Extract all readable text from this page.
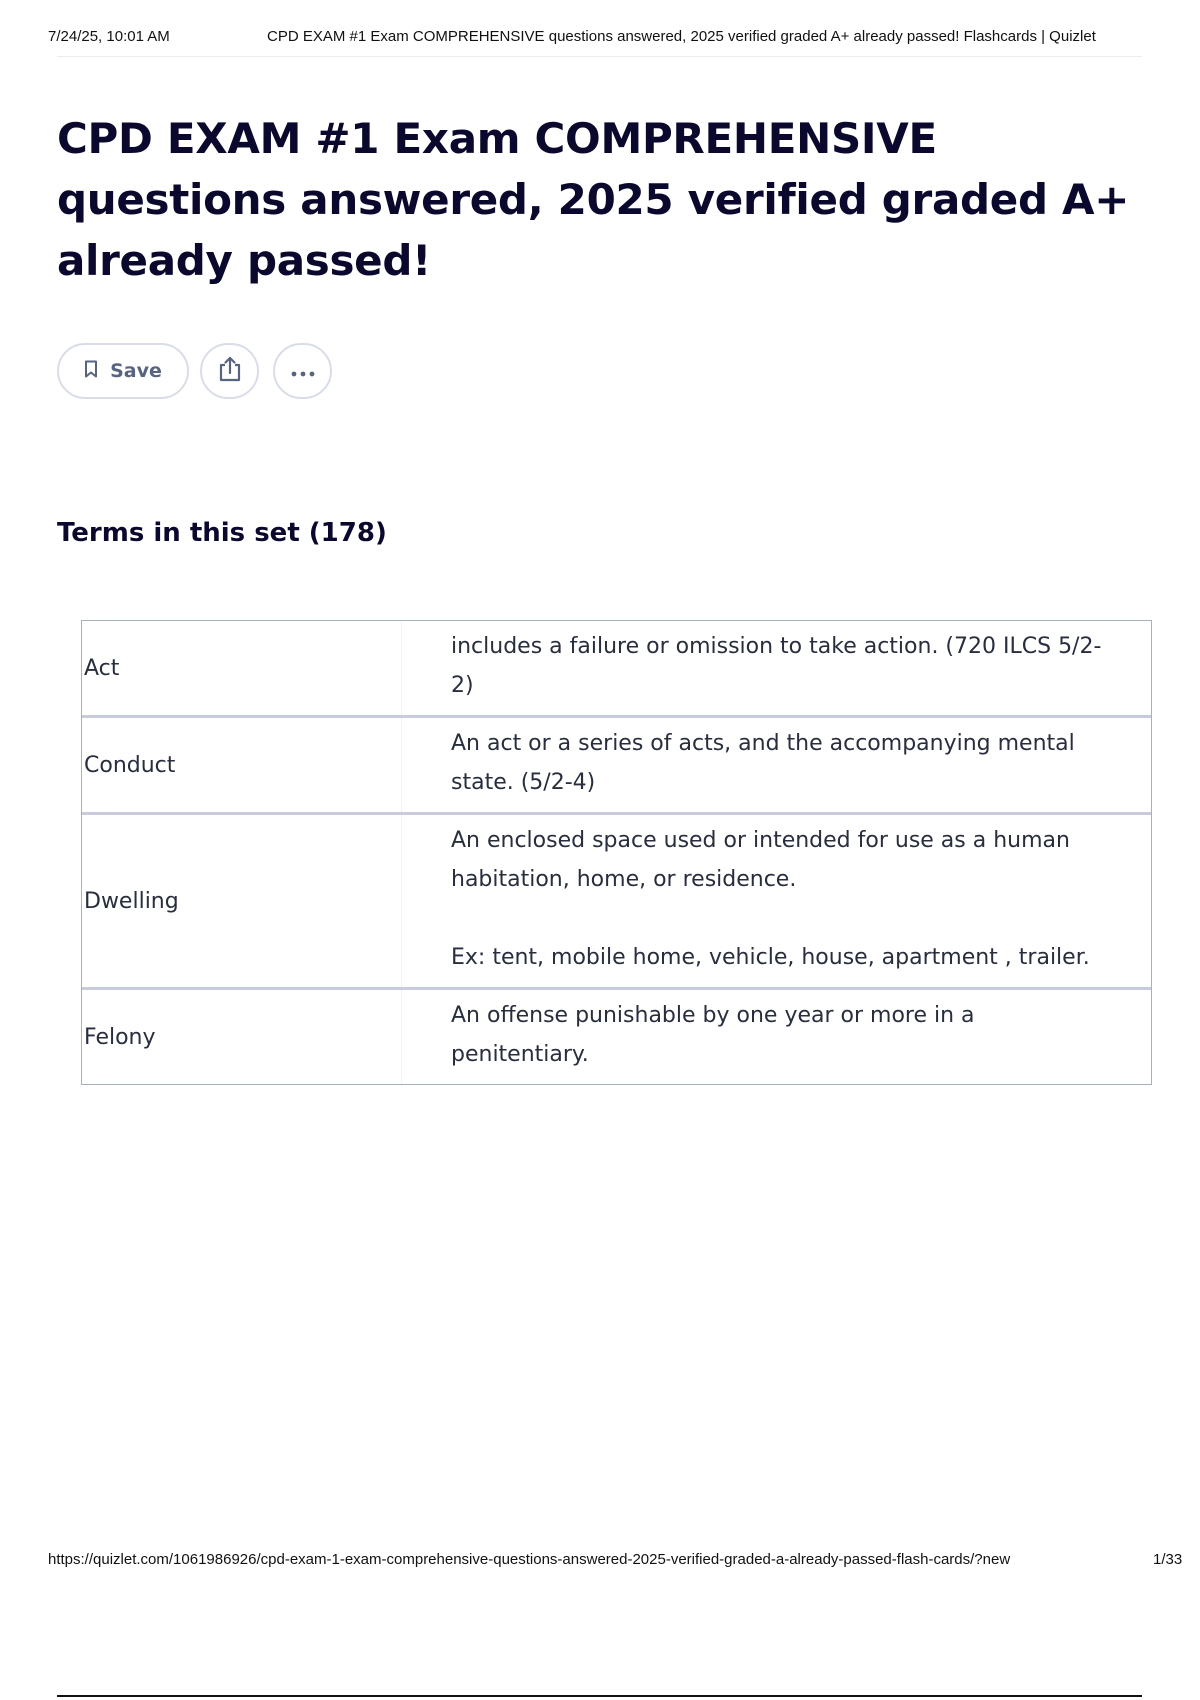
7/24/25, 10:01 AM	CPD EXAM #1 Exam COMPREHENSIVE questions answered, 2025 verified graded A+ already passed! Flashcards | Quizlet
CPD EXAM #1 Exam COMPREHENSIVE questions answered, 2025 verified graded A+ already passed!
Save
Terms in this set (178)
Act
includes a failure or omission to take action. (720 ILCS 5/2-2)
Conduct
An act or a series of acts, and the accompanying mental state. (5/2-4)
Dwelling
An enclosed space used or intended for use as a human habitation, home, or residence.

Ex: tent, mobile home, vehicle, house, apartment , trailer.
Felony
An offense punishable by one year or more in a penitentiary.
https://quizlet.com/1061986926/cpd-exam-1-exam-comprehensive-questions-answered-2025-verified-graded-a-already-passed-flash-cards/?new	1/33
